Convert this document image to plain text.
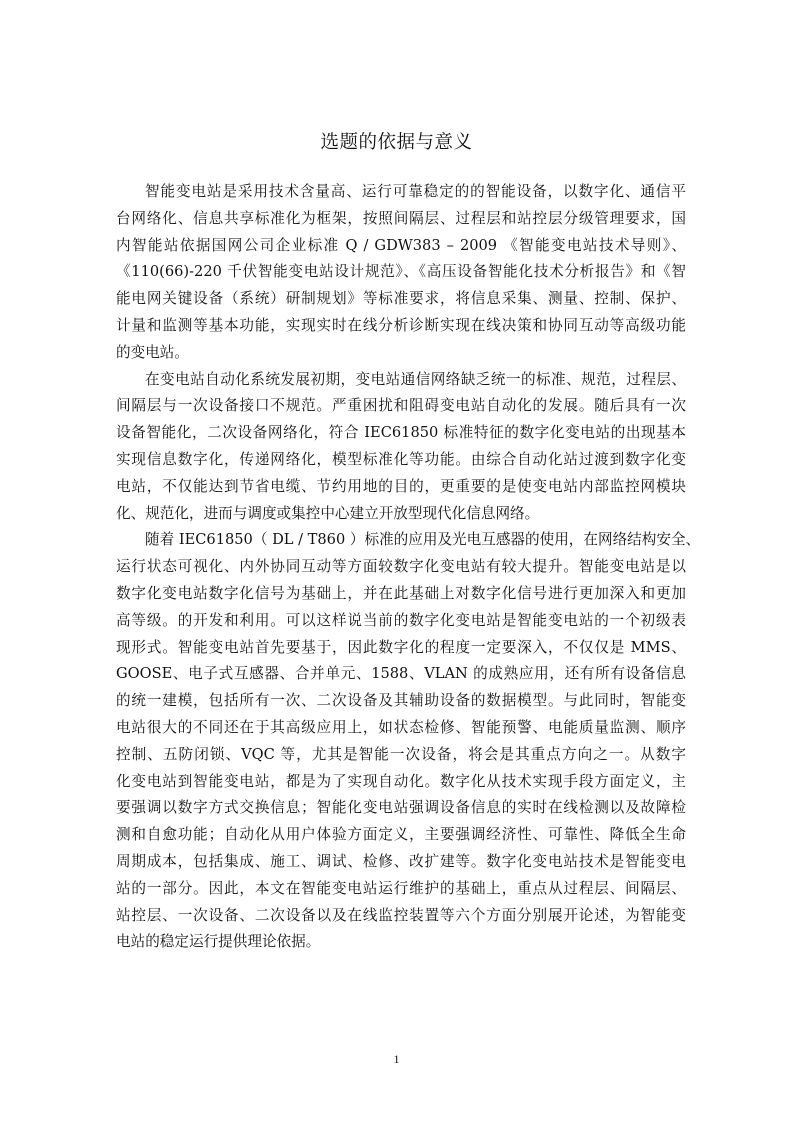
选题的依据与意义

智能变电站是采用技术含量高、运行可靠稳定的的智能设备，以数字化、通信平
台网络化、信息共享标准化为框架，按照间隔层、过程层和站控层分级管理要求，国
内智能站依据国网公司企业标准 Q / GDW383 – 2009 《智能变电站技术导则》、
《110(66)-220 千伏智能变电站设计规范》、《高压设备智能化技术分析报告》和《智
能电网关键设备（系统）研制规划》等标准要求，将信息采集、测量、控制、保护、
计量和监测等基本功能，实现实时在线分析诊断实现在线决策和协同互动等高级功能
的变电站。

在变电站自动化系统发展初期，变电站通信网络缺乏统一的标准、规范，过程层、
间隔层与一次设备接口不规范。严重困扰和阻碍变电站自动化的发展。随后具有一次
设备智能化，二次设备网络化，符合 IEC61850 标准特征的数字化变电站的出现基本
实现信息数字化，传递网络化，模型标准化等功能。由综合自动化站过渡到数字化变
电站，不仅能达到节省电缆、节约用地的目的，更重要的是使变电站内部监控网模块
化、规范化，进而与调度或集控中心建立开放型现代化信息网络。

随着 IEC61850（ DL / T860 ）标准的应用及光电互感器的使用，在网络结构安全、
运行状态可视化、内外协同互动等方面较数字化变电站有较大提升。智能变电站是以
数字化变电站数字化信号为基础上，并在此基础上对数字化信号进行更加深入和更加
高等级。的开发和利用。可以这样说当前的数字化变电站是智能变电站的一个初级表
现形式。智能变电站首先要基于，因此数字化的程度一定要深入，不仅仅是 MMS、
GOOSE、电子式互感器、合并单元、1588、VLAN 的成熟应用，还有所有设备信息
的统一建模，包括所有一次、二次设备及其辅助设备的数据模型。与此同时，智能变
电站很大的不同还在于其高级应用上，如状态检修、智能预警、电能质量监测、顺序
控制、五防闭锁、VQC 等，尤其是智能一次设备，将会是其重点方向之一。从数字
化变电站到智能变电站，都是为了实现自动化。数字化从技术实现手段方面定义，主
要强调以数字方式交换信息；智能化变电站强调设备信息的实时在线检测以及故障检
测和自愈功能；自动化从用户体验方面定义，主要强调经济性、可靠性、降低全生命
周期成本，包括集成、施工、调试、检修、改扩建等。数字化变电站技术是智能变电
站的一部分。因此，本文在智能变电站运行维护的基础上，重点从过程层、间隔层、
站控层、一次设备、二次设备以及在线监控装置等六个方面分别展开论述，为智能变
电站的稳定运行提供理论依据。

1
